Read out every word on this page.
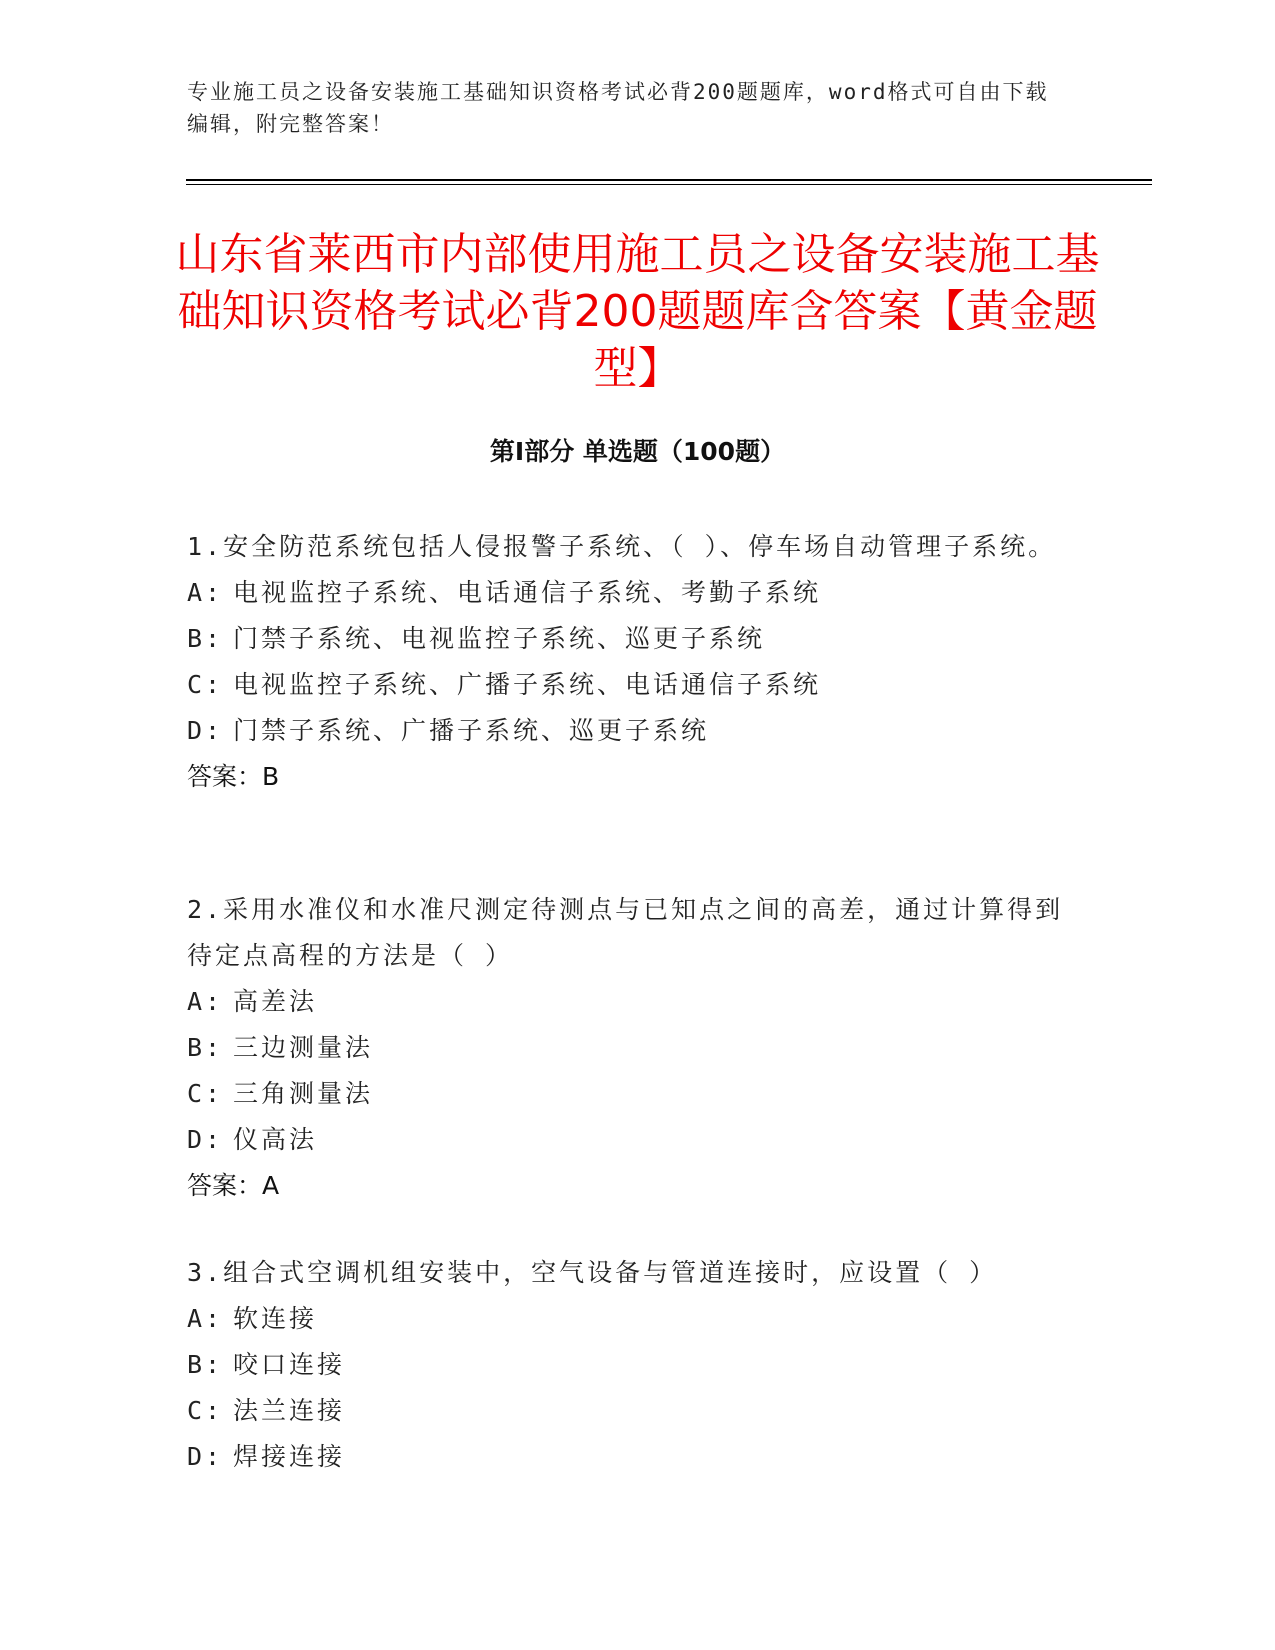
专业施工员之设备安装施工基础知识资格考试必背200题题库，word格式可自由下载编辑，附完整答案！
山东省莱西市内部使用施工员之设备安装施工基础知识资格考试必背200题题库含答案【黄金题型】
第Ⅰ部分 单选题（100题）
1.安全防范系统包括人侵报警子系统、（ ）、停车场自动管理子系统。
A: 电视监控子系统、电话通信子系统、考勤子系统
B: 门禁子系统、电视监控子系统、巡更子系统
C: 电视监控子系统、广播子系统、电话通信子系统
D: 门禁子系统、广播子系统、巡更子系统
答案：B
2.采用水准仪和水准尺测定待测点与已知点之间的高差，通过计算得到待定点高程的方法是（ ）
A: 高差法
B: 三边测量法
C: 三角测量法
D: 仪高法
答案：A
3.组合式空调机组安装中，空气设备与管道连接时，应设置（ ）
A: 软连接
B: 咬口连接
C: 法兰连接
D: 焊接连接
